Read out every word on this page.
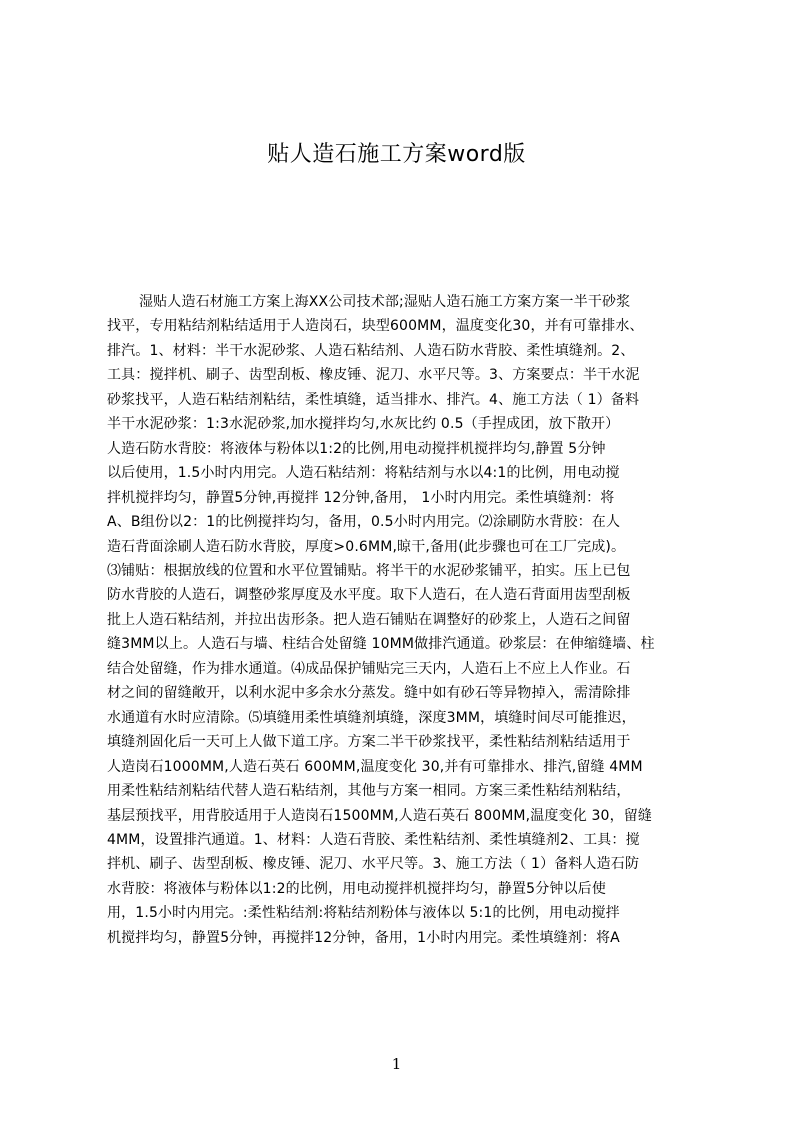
贴人造石施工方案word版
湿贴人造石材施工方案上海XX公司技术部;湿贴人造石施工方案方案一半干砂浆
找平，专用粘结剂粘结适用于人造岗石，块型600MM，温度变化30，并有可靠排水、
排汽。1、材料：半干水泥砂浆、人造石粘结剂、人造石防水背胶、柔性填缝剂。2、
工具：搅拌机、刷子、齿型刮板、橡皮锤、泥刀、水平尺等。3、方案要点：半干水泥
砂浆找平，人造石粘结剂粘结，柔性填缝，适当排水、排汽。4、施工方法（ 1）备料
半干水泥砂浆：1:3水泥砂浆,加水搅拌均匀,水灰比约 0.5（手捏成团，放下散开）
人造石防水背胶：将液体与粉体以1:2的比例,用电动搅拌机搅拌均匀,静置 5分钟
以后使用，1.5小时内用完。人造石粘结剂：将粘结剂与水以4:1的比例，用电动搅
拌机搅拌均匀，静置5分钟,再搅拌 12分钟,备用， 1小时内用完。柔性填缝剂：将
A、B组份以2：1的比例搅拌均匀，备用，0.5小时内用完。⑵涂刷防水背胶：在人
造石背面涂刷人造石防水背胶，厚度>0.6MM,晾干,备用(此步骤也可在工厂完成)。
⑶铺贴：根据放线的位置和水平位置铺贴。将半干的水泥砂浆铺平，拍实。压上已包
防水背胶的人造石，调整砂浆厚度及水平度。取下人造石，在人造石背面用齿型刮板
批上人造石粘结剂，并拉出齿形条。把人造石铺贴在调整好的砂浆上，人造石之间留
缝3MM以上。人造石与墙、柱结合处留缝 10MM做排汽通道。砂浆层：在伸缩缝墙、柱
结合处留缝，作为排水通道。⑷成品保护铺贴完三天内，人造石上不应上人作业。石
材之间的留缝敞开，以利水泥中多余水分蒸发。缝中如有砂石等异物掉入，需清除排
水通道有水时应清除。⑸填缝用柔性填缝剂填缝，深度3MM，填缝时间尽可能推迟，
填缝剂固化后一天可上人做下道工序。方案二半干砂浆找平，柔性粘结剂粘结适用于
人造岗石1000MM,人造石英石 600MM,温度变化 30,并有可靠排水、排汽,留缝 4MM
用柔性粘结剂粘结代替人造石粘结剂，其他与方案一相同。方案三柔性粘结剂粘结，
基层预找平，用背胶适用于人造岗石1500MM,人造石英石 800MM,温度变化 30，留缝
4MM，设置排汽通道。1、材料：人造石背胶、柔性粘结剂、柔性填缝剂2、工具：搅
拌机、刷子、齿型刮板、橡皮锤、泥刀、水平尺等。3、施工方法（ 1）备料人造石防
水背胶：将液体与粉体以1:2的比例，用电动搅拌机搅拌均匀，静置5分钟以后使
用，1.5小时内用完。:柔性粘结剂:将粘结剂粉体与液体以 5:1的比例，用电动搅拌
机搅拌均匀，静置5分钟，再搅拌12分钟，备用，1小时内用完。柔性填缝剂：将A
1
